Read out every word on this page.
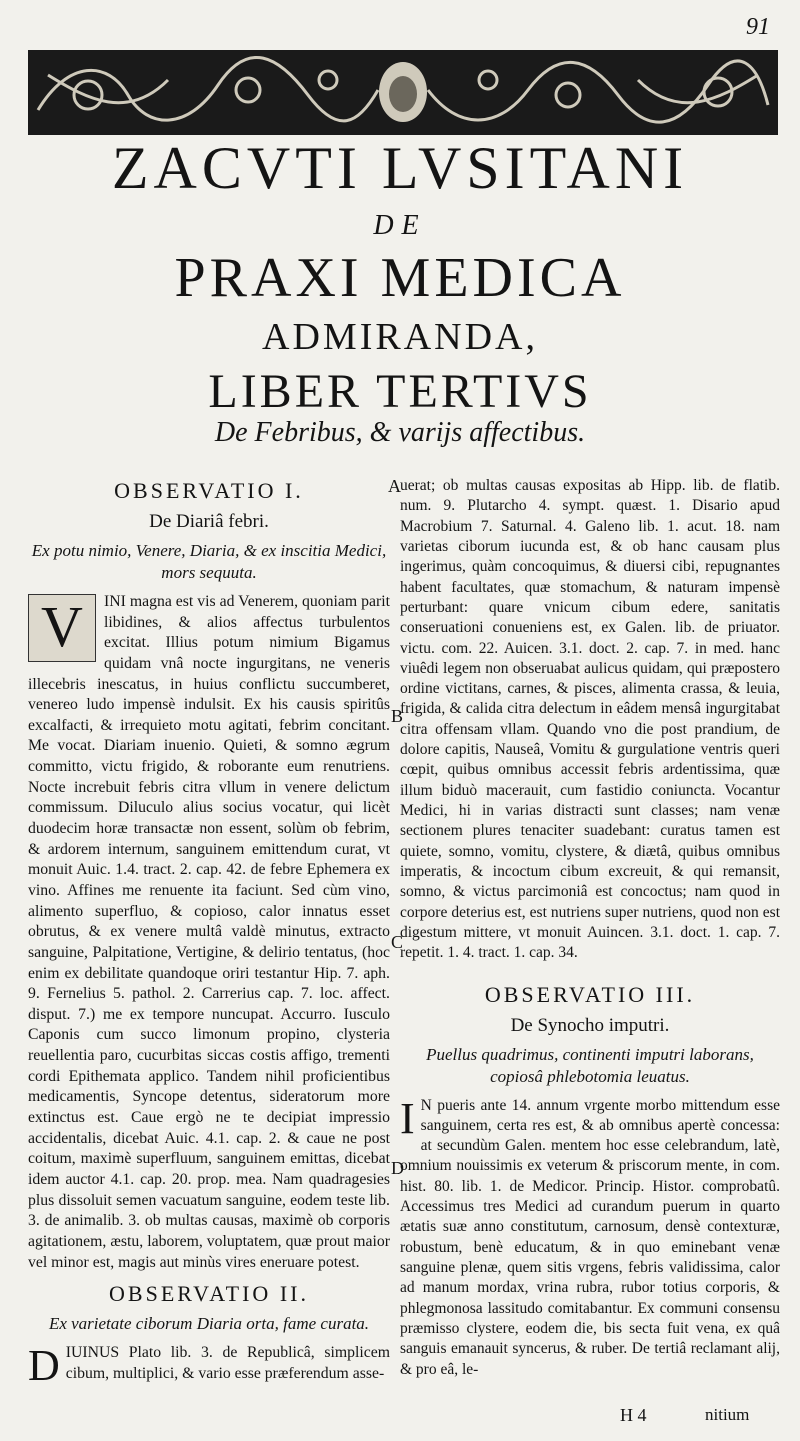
91
ZACVTI LVSITANI
DE
PRAXI MEDICA
ADMIRANDA,
LIBER TERTIVS
De Febribus, & varijs affectibus.
OBSERVATIO I.
De Diariâ febri.
Ex potu nimio, Venere, Diaria, & ex inscitia Medici, mors sequuta.

V	INI magna est vis ad Venerem, quoniam parit libidines, & alios affectus turbulentos excitat. Illius potum nimium Bigamus quidam vnâ nocte ingurgitans, ne veneris illecebris inescatus, in huius conflictu succumberet, venereo ludo impensè indulsit. Ex his causis spiritûs excalfacti, & irrequieto motu agitati, febrim concitant. Me vocat. Diariam inuenio. Quieti, & somno ægrum committo, victu frigido, & roborante eum renutriens. Nocte increbuit febris citra vllum in venere delictum commissum. Diluculo alius socius vocatur, qui licèt duodecim horæ transactæ non essent, solùm ob febrim, & ardorem internum, sanguinem emittendum curat, vt monuit Auic. 1.4. tract. 2. cap. 42. de febre Ephemera ex vino. Affines me renuente ita faciunt. Sed cùm vino, alimento superfluo, & copioso, calor innatus esset obrutus, & ex venere multâ valdè minutus, extracto sanguine, Palpitatione, Vertigine, & delirio tentatus, (hoc enim ex debilitate quandoque oriri testantur Hip. 7. aph. 9. Fernelius 5. pathol. 2. Carrerius cap. 7. loc. affect. disput. 7.) me ex tempore nuncupat. Accurro. Iusculo Caponis cum succo limonum propino, clysteria reuellentia paro, cucurbitas siccas costis affigo, trementi cordi Epithemata applico. Tandem nihil proficientibus medicamentis, Syncope detentus, sideratorum more extinctus est. Caue ergò ne te decipiat impressio accidentalis, dicebat Auic. 4.1. cap. 2. & caue ne post coitum, maximè superfluum, sanguinem emittas, dicebat idem auctor 4.1. cap. 20. prop. mea. Nam quadragesies plus dissoluit semen vacuatum sanguine, eodem teste lib. 3. de animalib. 3. ob multas causas, maximè ob corporis agitationem, æstu, laborem, voluptatem, quæ prout maior vel minor est, magis aut minùs vires eneruare potest.

OBSERVATIO II.
Ex varietate ciborum Diaria orta, fame curata.

DIUINUS Plato lib. 3. de Republicâ, simplicem cibum, multiplici, & vario esse præferendum asse-

uerat; ob multas causas expositas ab Hipp. lib. de flatib. num. 9. Plutarcho 4. sympt. quæst. 1. Disario apud Macrobium 7. Saturnal. 4. Galeno lib. 1. acut. 18. nam varietas ciborum iucunda est, & ob hanc causam plus ingerimus, quàm concoquimus, & diuersi cibi, repugnantes habent facultates, quæ stomachum, & naturam impensè perturbant: quare vnicum cibum edere, sanitatis conseruationi conueniens est, ex Galen. lib. de priuator. victu. com. 22. Auicen. 3.1. doct. 2. cap. 7. in med. hanc viuêdi legem non obseruabat aulicus quidam, qui præpostero ordine victitans, carnes, & pisces, alimenta crassa, & leuia, frigida, & calida citra delectum in eâdem mensâ ingurgitabat citra offensam vllam. Quando vno die post prandium, de dolore capitis, Nauseâ, Vomitu & gurgulatione ventris queri cœpit, quibus omnibus accessit febris ardentissima, quæ illum biduò macerauit, cum fastidio coniuncta. Vocantur Medici, hi in varias distracti sunt classes; nam venæ sectionem plures tenaciter suadebant: curatus tamen est quiete, somno, vomitu, clystere, & diætâ, quibus omnibus imperatis, & incoctum cibum excreuit, & qui remansit, somno, & victus parcimoniâ est concoctus; nam quod in corpore deterius est, est nutriens super nutriens, quod non est digestum mittere, vt monuit Auincen. 3.1. doct. 1. cap. 7. repetit. 1. 4. tract. 1. cap. 34.

OBSERVATIO III.
De Synocho imputri.
Puellus quadrimus, continenti imputri laborans, copiosâ phlebotomia leuatus.

I N pueris ante 14. annum vrgente morbo mittendum esse sanguinem, certa res est, & ab omnibus apertè concessa: at secundùm Galen. mentem hoc esse celebrandum, latè, omnium nouissimis ex veterum & priscorum mente, in com. hist. 80. lib. 1. de Medicor. Princip. Histor. comprobatû. Accessimus tres Medici ad curandum puerum in quarto ætatis suæ anno constitutum, carnosum, densè contexturæ, robustum, benè educatum, & in quo eminebant venæ sanguine plenæ, quem sitis vrgens, febris validissima, calor ad manum mordax, vrina rubra, rubor totius corporis, & phlegmonosa lassitudo comitabantur. Ex communi consensu præmisso clystere, eodem die, bis secta fuit vena, ex quâ sanguis emanauit syncerus, & ruber. De tertiâ reclamant alij, & pro eâ, le-

A
B
C
D
H 4	nitium
